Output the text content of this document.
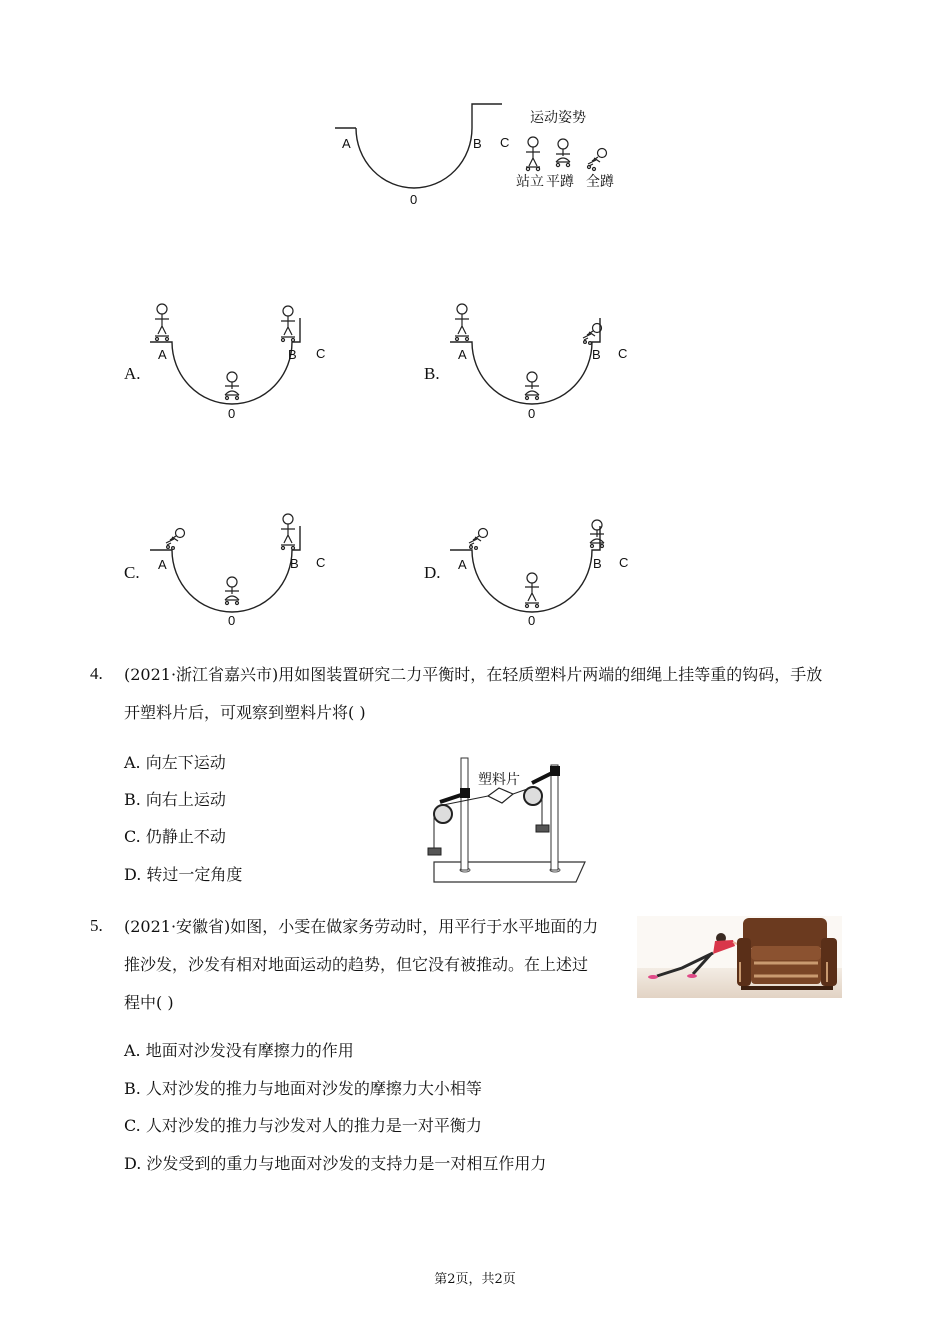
A	B C
0
运动姿势
站立 平蹲 全蹲
A.
A	B C
0
B.
A	B C
0
C. A	B C
0
D. A	B C
0
4. (2021·浙江省嘉兴市)用如图装置研究二力平衡时，在轻质塑料片两端的细绳上挂等重的钩码，手放
开塑料片后，可观察到塑料片将( )
A. 向左下运动
B. 向右上运动
C. 仍静止不动
D. 转过一定角度
塑料片
5. (2021·安徽省)如图，小雯在做家务劳动时，用平行于水平地面的力
推沙发，沙发有相对地面运动的趋势，但它没有被推动。在上述过
程中( )
A. 地面对沙发没有摩擦力的作用
B. 人对沙发的推力与地面对沙发的摩擦力大小相等
C. 人对沙发的推力与沙发对人的推力是一对平衡力
D. 沙发受到的重力与地面对沙发的支持力是一对相互作用力
第2页，共2页
